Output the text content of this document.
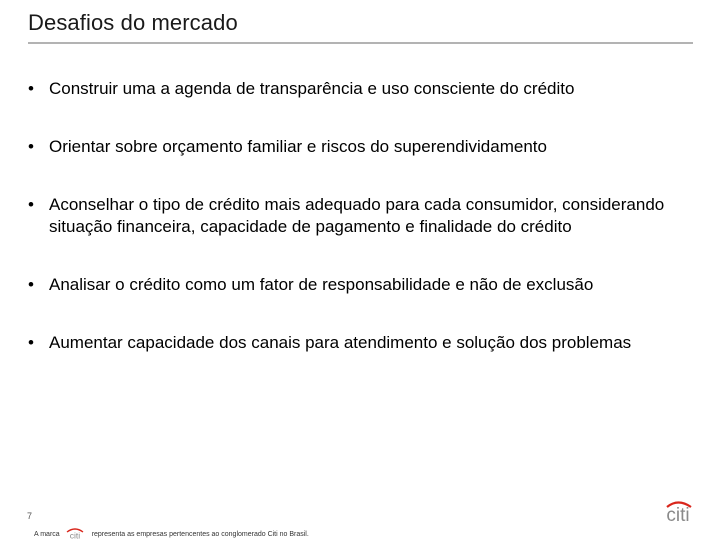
Desafios do mercado
• Construir uma a agenda de transparência e uso consciente do crédito
• Orientar sobre orçamento familiar e riscos do superendividamento
• Aconselhar o tipo de crédito mais adequado para cada consumidor, considerando situação financeira, capacidade de pagamento e finalidade do crédito
• Analisar o crédito como um fator de responsabilidade e não de exclusão
• Aumentar capacidade dos canais para atendimento e solução dos problemas
7
A marca citi representa as empresas pertencentes ao conglomerado Citi no Brasil.
citi
